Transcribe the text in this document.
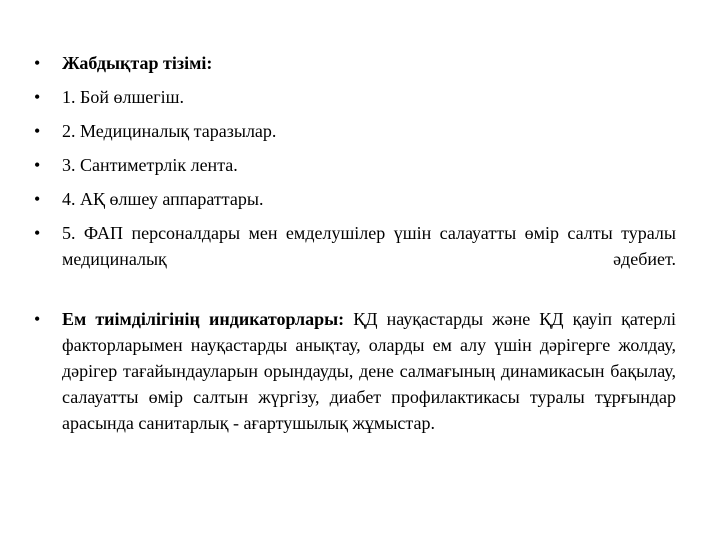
•	Жабдықтар тізімі:
•	1. Бой өлшегіш.
•	2. Медициналық таразылар.
•	3. Сантиметрлік лента.
•	4. АҚ өлшеу аппараттары.
•	5. ФАП персоналдары мен емделушілер үшін салауатты өмір салты туралы медициналық әдебиет.
•	Ем тиімділігінің индикаторлары: ҚД науқастарды және ҚД қауіп қатерлі факторларымен науқастарды анықтау, оларды ем алу үшін дәрігерге жолдау, дәрігер тағайындауларын орындауды, дене салмағының динамикасын бақылау, салауатты өмір салтын жүргізу, диабет профилактикасы туралы тұрғындар арасында санитарлық - ағартушылық жұмыстар.
